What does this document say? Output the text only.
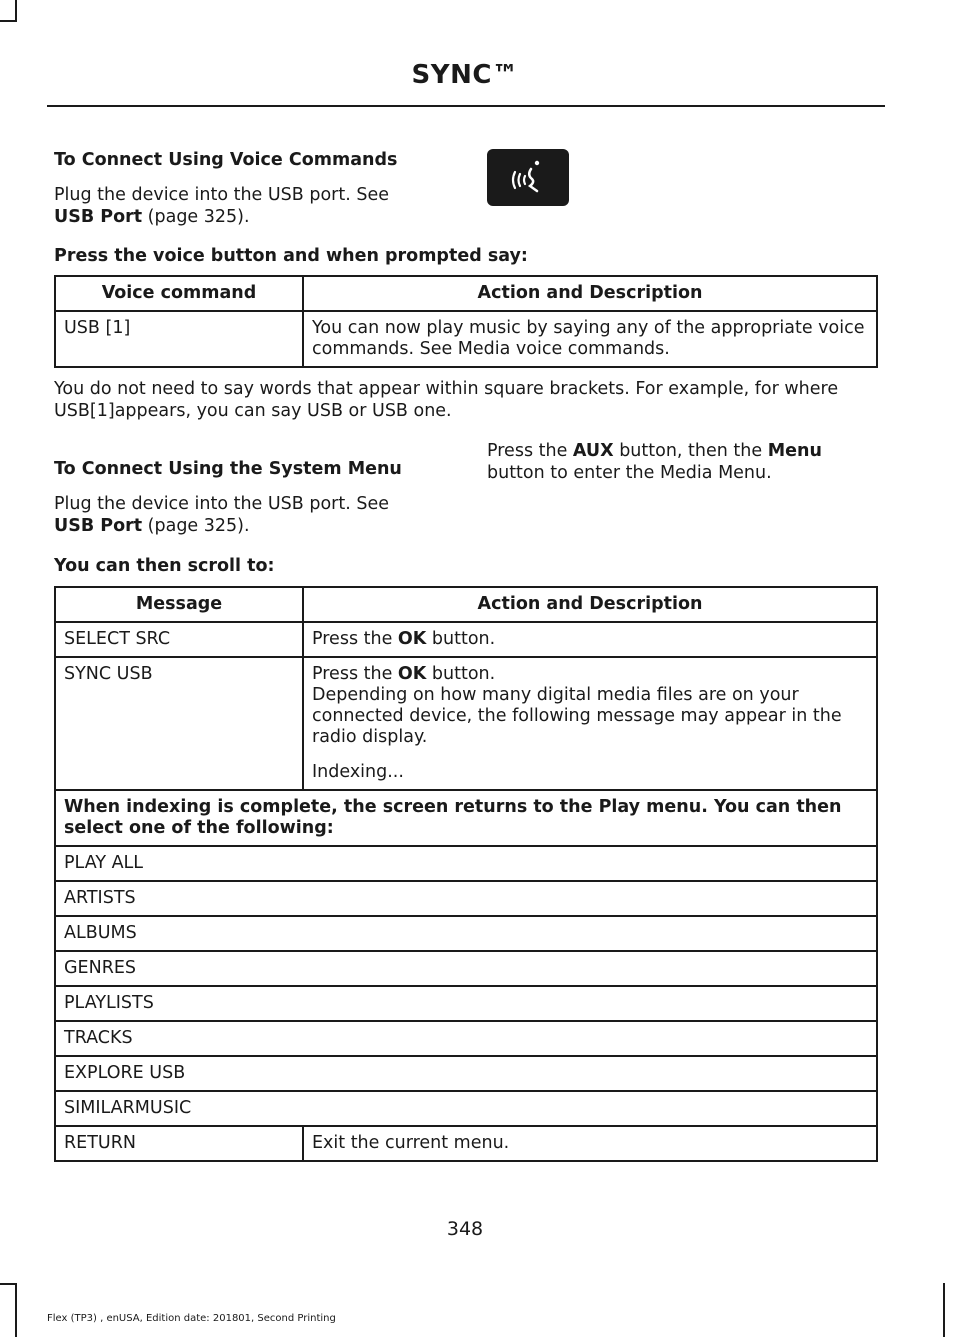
SYNC™
To Connect Using Voice Commands
Plug the device into the USB port. See
USB Port (page 325).
Press the voice button and when prompted say:
Voice command	Action and Description
USB [1]	You can now play music by saying any of the appropriate voice commands. See Media voice commands.
You do not need to say words that appear within square brackets. For example, for where USB[1]appears, you can say USB or USB one.
To Connect Using the System Menu
Plug the device into the USB port. See
USB Port (page 325).
Press the AUX button, then the Menu button to enter the Media Menu.
You can then scroll to:
Message	Action and Description
SELECT SRC	Press the OK button.
SYNC USB	Press the OK button.
Depending on how many digital media files are on your connected device, the following message may appear in the radio display.
Indexing...

When indexing is complete, the screen returns to the Play menu. You can then select one of the following:	
PLAY ALL	
ARTISTS	
ALBUMS	
GENRES	
PLAYLISTS	
TRACKS	
EXPLORE USB	
SIMILARMUSIC	
RETURN	Exit the current menu.
348
Flex (TP3) , enUSA, Edition date: 201801, Second Printing
